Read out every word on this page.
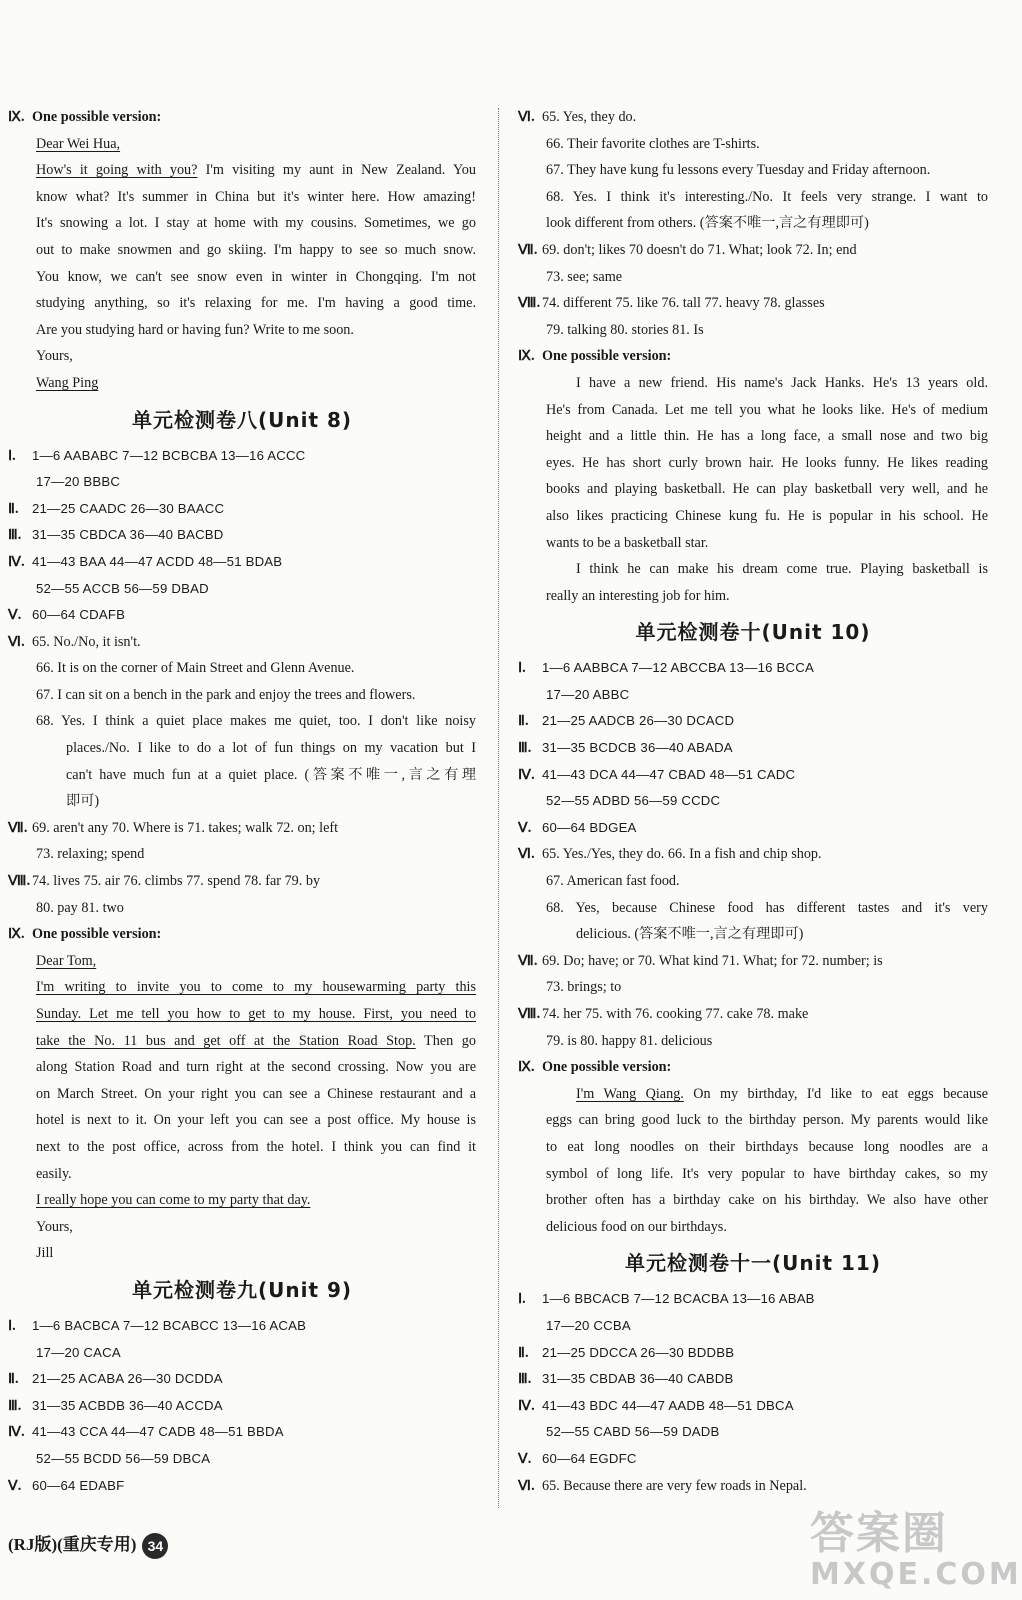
Ⅸ. One possible version:
Dear Wei Hua,
How's it going with you? I'm visiting my aunt in New Zealand. You
know what? It's summer in China but it's winter here. How amazing!
It's snowing a lot. I stay at home with my cousins. Sometimes, we go
out to make snowmen and go skiing. I'm happy to see so much snow.
You know, we can't see snow even in winter in Chongqing. I'm not
studying anything, so it's relaxing for me. I'm having a good time.
Are you studying hard or having fun? Write to me soon.
Yours,
Wang Ping
单元检测卷八(Unit 8)
Ⅰ. 1—6 AABABC 7—12 BCBCBA 13—16 ACCC
17—20 BBBC
Ⅱ. 21—25 CAADC 26—30 BAACC
Ⅲ. 31—35 CBDCA 36—40 BACBD
Ⅳ. 41—43 BAA 44—47 ACDD 48—51 BDAB
52—55 ACCB 56—59 DBAD
Ⅴ. 60—64 CDAFB
Ⅵ. 65. No./No, it isn't.
66. It is on the corner of Main Street and Glenn Avenue.
67. I can sit on a bench in the park and enjoy the trees and flowers.
68. Yes. I think a quiet place makes me quiet, too. I don't like noisy
places./No. I like to do a lot of fun things on my vacation but I
can't have much fun at a quiet place. (答案不唯一,言之有理
即可)
Ⅶ. 69. aren't any 70. Where is 71. takes; walk 72. on; left
73. relaxing; spend
Ⅷ. 74. lives 75. air 76. climbs 77. spend 78. far 79. by
80. pay 81. two
Ⅸ. One possible version:
Dear Tom,
I'm writing to invite you to come to my housewarming party this
Sunday. Let me tell you how to get to my house. First, you need to
take the No. 11 bus and get off at the Station Road Stop. Then go
along Station Road and turn right at the second crossing. Now you are
on March Street. On your right you can see a Chinese restaurant and a
hotel is next to it. On your left you can see a post office. My house is
next to the post office, across from the hotel. I think you can find it
easily.
I really hope you can come to my party that day.
Yours,
Jill
单元检测卷九(Unit 9)
Ⅰ. 1—6 BACBCA 7—12 BCABCC 13—16 ACAB
17—20 CACA
Ⅱ. 21—25 ACABA 26—30 DCDDA
Ⅲ. 31—35 ACBDB 36—40 ACCDA
Ⅳ. 41—43 CCA 44—47 CADB 48—51 BBDA
52—55 BCDD 56—59 DBCA
Ⅴ. 60—64 EDABF
Ⅵ. 65. Yes, they do.
66. Their favorite clothes are T-shirts.
67. They have kung fu lessons every Tuesday and Friday afternoon.
68. Yes. I think it's interesting./No. It feels very strange. I want to
look different from others. (答案不唯一,言之有理即可)
Ⅶ. 69. don't; likes 70 doesn't do 71. What; look 72. In; end
73. see; same
Ⅷ. 74. different 75. like 76. tall 77. heavy 78. glasses
79. talking 80. stories 81. Is
Ⅸ. One possible version:
I have a new friend. His name's Jack Hanks. He's 13 years old.
He's from Canada. Let me tell you what he looks like. He's of medium
height and a little thin. He has a long face, a small nose and two big
eyes. He has short curly brown hair. He looks funny. He likes reading
books and playing basketball. He can play basketball very well, and he
also likes practicing Chinese kung fu. He is popular in his school. He
wants to be a basketball star.
I think he can make his dream come true. Playing basketball is
really an interesting job for him.
单元检测卷十(Unit 10)
Ⅰ. 1—6 AABBCA 7—12 ABCCBA 13—16 BCCA
17—20 ABBC
Ⅱ. 21—25 AADCB 26—30 DCACD
Ⅲ. 31—35 BCDCB 36—40 ABADA
Ⅳ. 41—43 DCA 44—47 CBAD 48—51 CADC
52—55 ADBD 56—59 CCDC
Ⅴ. 60—64 BDGEA
Ⅵ. 65. Yes./Yes, they do. 66. In a fish and chip shop.
67. American fast food.
68. Yes, because Chinese food has different tastes and it's very
delicious. (答案不唯一,言之有理即可)
Ⅶ. 69. Do; have; or 70. What kind 71. What; for 72. number; is
73. brings; to
Ⅷ. 74. her 75. with 76. cooking 77. cake 78. make
79. is 80. happy 81. delicious
Ⅸ. One possible version:
I'm Wang Qiang. On my birthday, I'd like to eat eggs because
eggs can bring good luck to the birthday person. My parents would like
to eat long noodles on their birthdays because long noodles are a
symbol of long life. It's very popular to have birthday cakes, so my
brother often has a birthday cake on his birthday. We also have other
delicious food on our birthdays.
单元检测卷十一(Unit 11)
Ⅰ. 1—6 BBCACB 7—12 BCACBA 13—16 ABAB
17—20 CCBA
Ⅱ. 21—25 DDCCA 26—30 BDDBB
Ⅲ. 31—35 CBDAB 36—40 CABDB
Ⅳ. 41—43 BDC 44—47 AADB 48—51 DBCA
52—55 CABD 56—59 DADB
Ⅴ. 60—64 EGDFC
Ⅵ. 65. Because there are very few roads in Nepal.
(RJ版)(重庆专用) 34	答案圈
MXQE.COM
